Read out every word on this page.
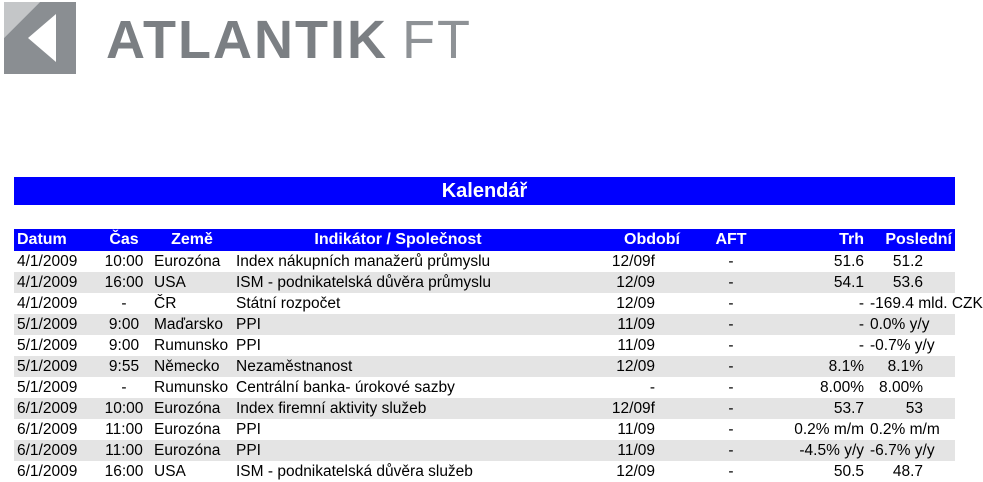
ATLANTIK FT
Kalendář
Datum	Čas	Země	Indikátor / Společnost	Období	AFT	Trh	Poslední
4/1/2009	10:00	Eurozóna	Index nákupních manažerů průmyslu	12/09f	-	51.6	51.2
4/1/2009	16:00	USA	ISM - podnikatelská důvěra průmyslu	12/09	-	54.1	53.6
4/1/2009	-	ČR	Státní rozpočet	12/09	-	-	-169.4 mld. CZK
5/1/2009	9:00	Maďarsko	PPI	11/09	-	-	0.0% y/y
5/1/2009	9:00	Rumunsko	PPI	11/09	-	-	-0.7% y/y
5/1/2009	9:55	Německo	Nezaměstnanost	12/09	-	8.1%	8.1%
5/1/2009	-	Rumunsko	Centrální banka- úrokové sazby	-	-	8.00%	8.00%
6/1/2009	10:00	Eurozóna	Index firemní aktivity služeb	12/09f	-	53.7	53
6/1/2009	11:00	Eurozóna	PPI	11/09	-	0.2% m/m	0.2% m/m
6/1/2009	11:00	Eurozóna	PPI	11/09	-	-4.5% y/y	-6.7% y/y
6/1/2009	16:00	USA	ISM - podnikatelská důvěra služeb	12/09	-	50.5	48.7
